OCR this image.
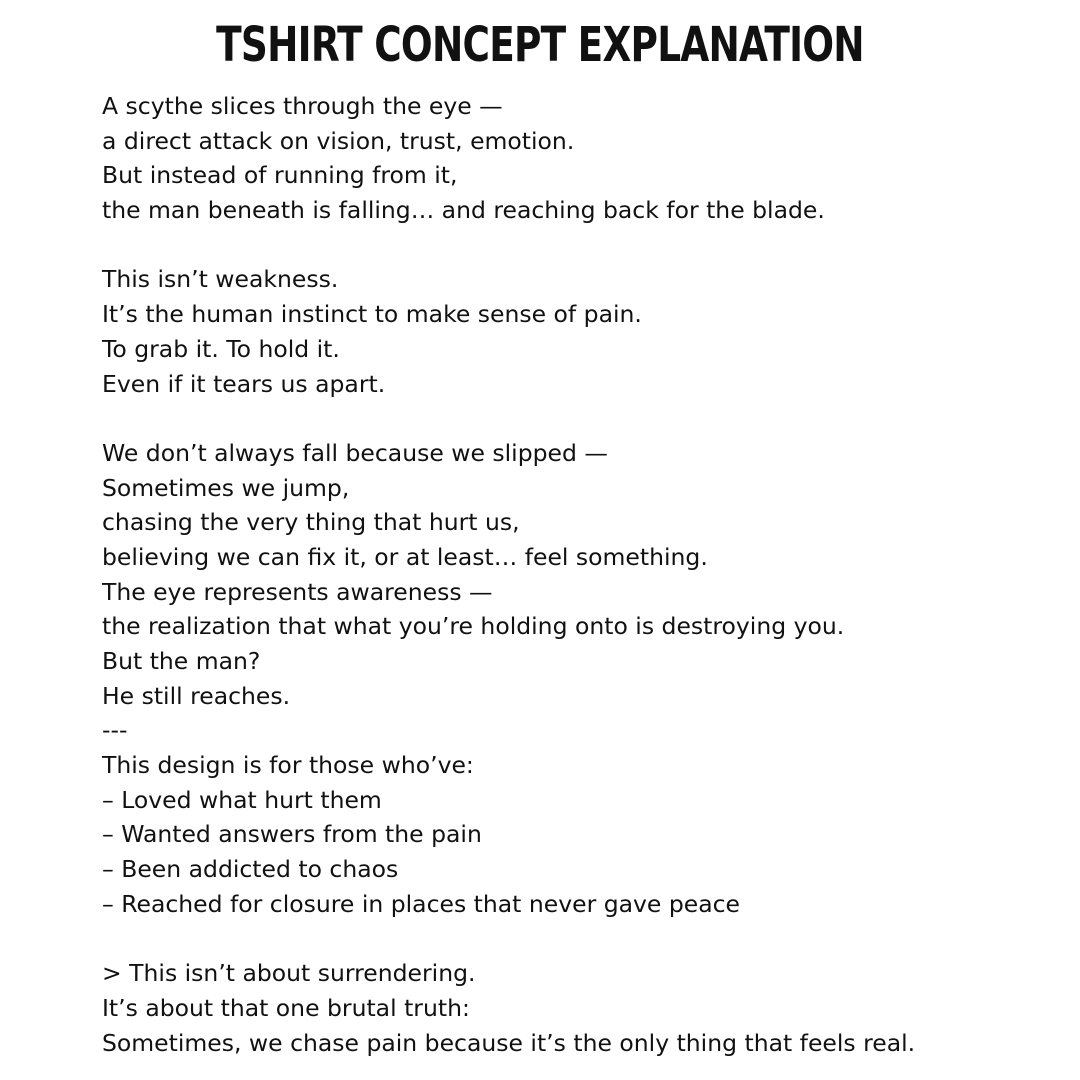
TSHIRT CONCEPT EXPLANATION
A scythe slices through the eye —
a direct attack on vision, trust, emotion.
But instead of running from it,
the man beneath is falling… and reaching back for the blade.
This isn’t weakness.
It’s the human instinct to make sense of pain.
To grab it. To hold it.
Even if it tears us apart.
We don’t always fall because we slipped —
Sometimes we jump,
chasing the very thing that hurt us,
believing we can fix it, or at least… feel something.
The eye represents awareness —
the realization that what you’re holding onto is destroying you.
But the man?
He still reaches.
---
This design is for those who’ve:
– Loved what hurt them
– Wanted answers from the pain
– Been addicted to chaos
– Reached for closure in places that never gave peace
> This isn’t about surrendering.
It’s about that one brutal truth:
Sometimes, we chase pain because it’s the only thing that feels real.
